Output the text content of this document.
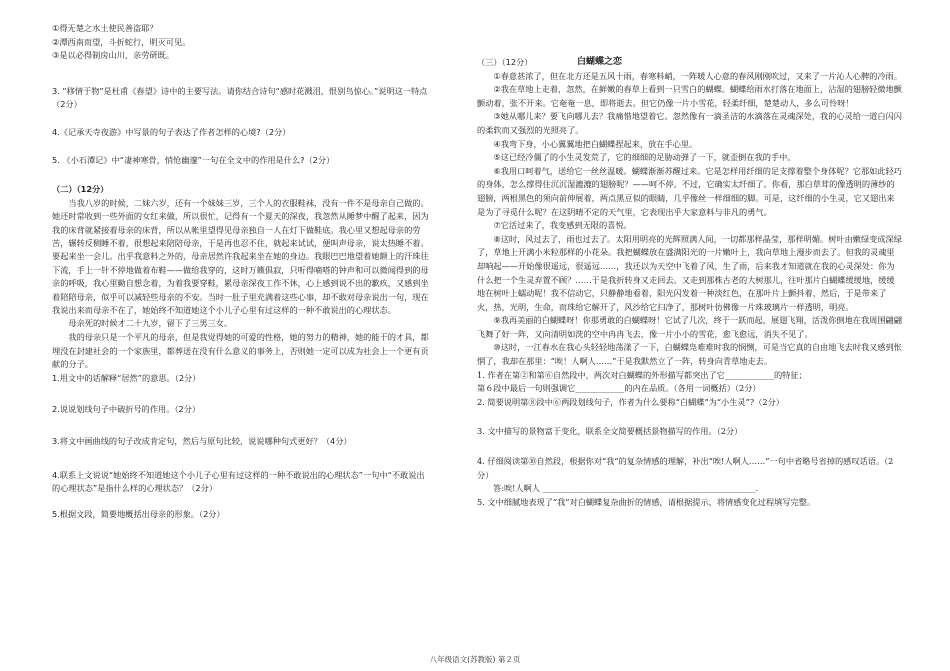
①得无楚之水土使民善盗耶？

②潭西南而望，斗折蛇行，明灭可见。

③是以必得制房山川，亲劳研既。

3. “移情于物”是杜甫《春望》诗中的主要写法。请你结合诗句“感时花溅泪，恨别鸟惊心。”说明这一特点 （2分）

4.《记承天寺夜游》中写景的句子表达了作者怎样的心境?（2分）

5. 《小石潭记》中“凄神寒骨，悄怆幽邃”一句在全文中的作用是什么?（2分）

（二）（12分）

当我八岁的时候，二妹六岁，还有一个妹妹三岁，三个人的衣服鞋袜，没有一件不是母亲自己做的。她还时常收到一些外面的女红来做，所以很忙，记得有一个夏天的深夜，我忽然从睡梦中醒了起来，因为我的床背就紧接着母亲的床背，所以从帐里望得见母亲独自一人在灯下做鞋底。我心里又想起母亲的劳苦，辗转反侧睡不着，很想起来陪陪母亲，于是再也忍不住，就起来试试，便叫声母亲，说太热睡不着。要起来坐一会儿。出乎我意料之外的，母亲居然许我起来坐在她的身边。我眼巴巴地望着她额上的汗珠往下流，手上一针不停地做着布鞋——做给我穿的，这时万籁俱寂，只听得嘀嗒的钟声和可以微闻得到的母亲的呼吸，我心里勤自想念着，为着我要穿鞋，累母亲深夜工作不休，心上感到说不出的歉疚，又感到坐着陪陪母亲，似乎可以减轻些母亲的不安。当时一肚子里充满着这些心事，却不敢对母亲说出一句，现在我说出来而母亲不在了，她始终不知道她这个小儿子心里有过这样的一种不敢说出的心理状态。

母亲死的时候才二十九岁，留下了三男三女。

我的母亲只是一个平凡的母亲，但是我觉得她的可爱的性格，她的努力的精神，她的能干的才具，都埋没在封建社会的一个家族里，都葬送在没有什么意义的事务上，否则她一定可以成为社会上一个更有贡献的分子。

1.用文中的话解释“居然”的意思。（2分）

2.说说划线句子中破折号的作用。（2分）

3.将文中画曲线的句子改成肯定句，然后与原句比较，说说哪种句式更好？（4分）

4.联系上文说说“她始终不知道她这个小儿子心里有过这样的一种不敢说出的心理状态”一句中“不敢说出的心理状态”是指什么样的心理状态？（2分）

5.根据文段，简要地概括出母亲的形象。（2分）

（三）（12分）	白蝴蝶之恋

①春意甚浓了，但在北方还是五风十雨，春寒料峭，一阵暖人心意的春风刚刚吹过，又来了一片沁人心脾的冷雨。

②我在草地上走着，忽然，在鲜嫩的春草上看到一只雪白的蝴蝶。蝴蝶给雨水打落在地面上，沾湿的翅膀轻微地颤颤动着，张不开来。它奄奄一息，即将逝去。但它仍像一片小雪花，轻柔纤细，楚楚动人，多么可怜呀！

③她从哪儿来？要飞向哪儿去？我痛惜地望着它。忽然像有一滴圣洁的水滴落在灵魂深处，我的心灵给一道白闪闪的柔软而又强烈的光照亮了。

④我弯下身，小心翼翼地把白蝴蝶捏起来，放在手心里。

⑤这已经冷僵了的小生灵发荒了，它的细细的足胁动弹了一下，就歪倒在我的手中。

⑥我用口呵着气，送给它一丝丝温暖。蝴蝶渐渐苏醒过来。它是怎样用纤细的足支撑着整个身体呢？它那如此轻巧的身体，怎么撑得住沉沉湿漉漉的翅膀呢？——呵不停。不过，它确实太纤细了。你看，那白草茸的像透明的薄纱的翅膀，两根黑色的须向前伸展着，两点黑豆似的眼睛，几乎像丝一样细细的脚。可是，这纤细的小生灵，它又翅出来是为了寻觅什么呢？在这阴晴不定的天气里，它表现出乎大家意料与非凡的勇气。

⑦它活过来了，我变感到无限的喜悦。

⑧这时，风过去了，雨也过去了。太阳用明亮的光辉照满人间，一切都那样晶莹，那样明媚。树叶由嫩绿变成深绿了，草地上开满小米粒那样的小花朵。我把蝴蝶放在盛满阳光的一片嫩叶上，我向草地上漫步而去了。但我的灵魂里却响起——开始像很遥远，很遥远……，我还以为天空中飞着了风，生了雨，后来我才知道就在我的心灵深处：你为什么把一个生灵弃置不顾？……于是我折转身又走回去。又走到那株古老的大树那儿，往叶那片白蝴蝶缓缓地，缓缓地在树叶上蠕动呢！我不信动它，只静静地看着，阳光闪发着一种淡红色，在那叶片上颤抖着，然后，于是带来了火，热，光明，生命，而珠给它解开了，风沙给它扫净了，那树叶仿佛像一片珠玻璃片一样透明，明亮。

⑨我再美丽的白蝴蝶呀！你那勇敢的白蝴蝶呀！它试了几次，终于一跃而起，展翅飞翔，活泼你倒地在我周围翩翩飞舞了好一阵，又向清明如洗的空中冉冉飞去，像一片小小的雪花，愈飞愈远，消失不见了。

⑩这时，一江春水在我心头轻轻地荡漾了一下，白蝴蝶凫难难时我的悯恻，可是当它真的自由地飞去时我又感到怅惘了，我却在那里：“唉！人啊人……”于是我默然立了一阵，转身向青草地走去。

1. 作者在第②和第⑥自然段中，两次对白蝴蝶的外形描写都突出了它____________的特征；

第６段中最后一句则强调它____________的内在品质。（各用一词概括）（2分）

2. 简要说明第⑧段中⑥两段划线句子，作者为什么要称“白蝴蝶”为“小生灵”?（2分）

3. 文中描写的景物富于变化，联系全文简要概括景物描写的作用。（2分）

4. 仔细阅读第⑩自然段，根据你对“我”的复杂情感的理解，补出“唉!人啊人……”一句中省略号省掉的感叹话语。（2分）

答:唉!人啊人 ____________________________________________________.

5. 文中细腻地表现了“我”对白蝴蝶复杂曲折的情感，请根据提示，将情感变化过程填写完整。

八年级语文(苏教版) 第２页
